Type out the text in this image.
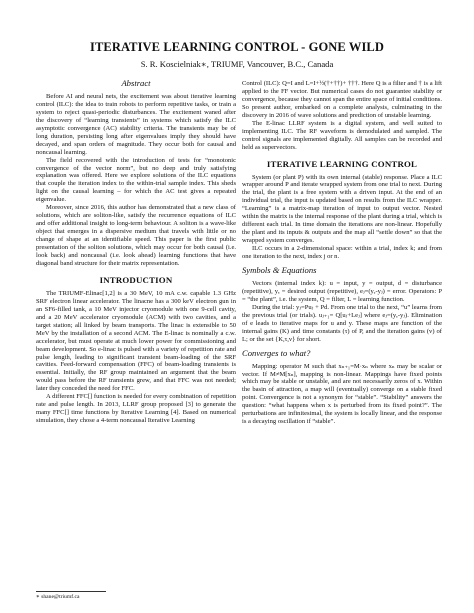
ITERATIVE LEARNING CONTROL - GONE WILD
S. R. Koscielniak∗, TRIUMF, Vancouver, B.C., Canada
Abstract

Before AI and neural nets, the excitement was about iterative learning control (ILC): the idea to train robots to perform repetitive tasks, or train a system to reject quasi-periodic disturbances. The excitement waned after the discovery of “learning transients” in systems which satisfy the ILC asymptotic convergence (AC) stability criteria. The transients may be of long duration, persisting long after eigenvalues imply they should have decayed, and span orders of magnitude. They occur both for causal and noncausal learning.

The field recovered with the introduction of tests for “monotonic convergence of the vector norm”, but no deep and truly satisfying explanation was offered. Here we explore solutions of the ILC equations that couple the iteration index to the within-trial sample index. This sheds light on the causal learning – for which the AC test gives a repeated eigenvalue.

Moreover, since 2016, this author has demonstrated that a new class of solutions, which are soliton-like, satisfy the recurrence equations of ILC and offer additional insight to long-term behaviour. A soliton is a wave-like object that emerges in a dispersive medium that travels with little or no change of shape at an identifiable speed. This paper is the first public presentation of the soliton solutions, which may occur for both causal (i.e. look back) and noncausal (i.e. look ahead) learning functions that have diagonal band structure for their matrix representation.

INTRODUCTION

The TRIUMF-Elinac[1,2] is a 30 MeV, 10 mA c.w. capable 1.3 GHz SRF electron linear accelerator. The linacne has a 300 keV electron gun in an SF6-filled tank, a 10 MeV injector cryomodule with one 9-cell cavity, and a 20 MeV accelerator cryomodule (ACM) with two cavities, and a target station; all linked by beam transports. The linac is extensible to 50 MeV by the installation of a second ACM. The E-linac is nominally a c.w. accelerator, but must operate at much lower power for commissioning and beam development. So e-linac is pulsed with a variety of repetition rate and pulse length, leading to significant transient beam-loading of the SRF cavities. Feed-forward compensation (FFC) of beam-loading transients is essential. Initially, the RF group maintained an argument that the beam would pass before the RF transients grew, and that FFC was not needed; later they conceded the need for FFC.

A different FFC[] function is needed for every combination of repetition rate and pulse length. In 2013, LLRF group proposed [3] to generate the many FFC[] time functions by Iterative Learning [4]. Based on numerical simulation, they chose a 4-term noncausal Iterative Learning

Control (ILC): Q=I and L=I+½(†+††)+ †††. Here Q is a filter and † is a lift applied to the FF vector. But numerical cases do not guarantee stability or convergence, because they cannot span the entire space of initial conditions. So present author, embarked on a complete analysis, culminating in the discovery in 2016 of wave solutions and prediction of unstable learning.

The E-linac LLRF system is a digital system, and well suited to implementing ILC. The RF waveform is demodulated and sampled. The control signals are implemented digitally. All samples can be recorded and held as supervectors.

ITERATIVE LEARNING CONTROL

System (or plant P) with its own internal (stable) response. Place a ILC wrapper around P and iterate wrapped system from one trial to next. During the trial, the plant is a free system with a driven input. At the end of an individual trial, the input is updated based on results from the ILC wrapper. “Learning” is a matrix-map iteration of input to output vector. Nested within the matrix is the internal response of the plant during a trial, which is different each trial. In time domain the iterations are non-linear. Hopefully the plant and its inputs & outputs and the map all “settle down” so that the wrapped system converges.

ILC occurs in a 2-dimensional space: within a trial, index k; and from one iteration to the next, index j or n.

Symbols & Equations

Vectors (internal index k): u = input, y = output, d = disturbance (repetitive), yₑ = desired output (repetitive), eⱼ=(yₑ-yⱼ) = error. Operators: P = “the plant”, i.e. the system, Q = filter, L = learning function.

During the trial: yⱼ=Puⱼ + Pd. From one trial to the next, “u” learns from the previous trial (or trials). uⱼ₊₁= Q[uⱼ+Leⱼ] where eⱼ=(yₑ-yⱼ). Elimination of e leads to iterative maps for u and y. These maps are function of the internal gains (K) and time constants (τ) of P, and the iteration gains (v) of L; or the set {K,τ,v} for short.

Converges to what?

Mapping: operator M such that xₙ₊₁=M·xₙ where xₙ may be scalar or vector. If M≠M[xₙ], mapping is non-linear. Mappings have fixed points which may be stable or unstable, and are not necessarily zeros of x. Within the basin of attraction, a map will (eventually) converge on a stable fixed point. Convergence is not a synonym for “stable”. “Stability” answers the question: “what happens when x is perturbed from its fixed point?”. The perturbations are infinitesimal, the system is locally linear, and the response is a decaying oscillation if “stable”.

∗ shane@triumf.ca
